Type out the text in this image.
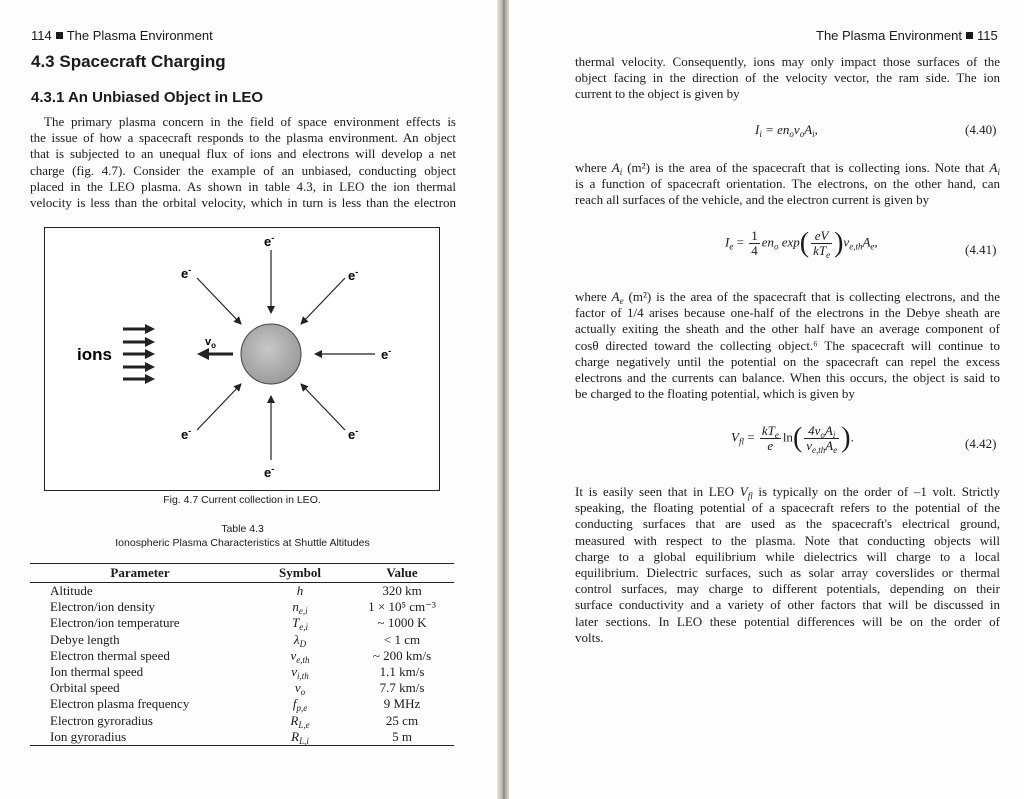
114 The Plasma Environment
4.3 Spacecraft Charging
4.3.1 An Unbiased Object in LEO
The primary plasma concern in the field of space environment effects is
the issue of how a spacecraft responds to the plasma environment. An object
that is subjected to an unequal flux of ions and electrons will develop a net
charge (fig. 4.7). Consider the example of an unbiased, conducting object
placed in the LEO plasma. As shown in table 4.3, in LEO the ion thermal
velocity is less than the orbital velocity, which in turn is less than the electron
ions
$v_o$
e-
e-	e-
e-
e-	e-
e-
Fig. 4.7 Current collection in LEO.
Table 4.3
Ionospheric Plasma Characteristics at Shuttle Altitudes
Parameter	Symbol	Value
Altitude	h	320 km
Electron/ion density	$n_{e,i}$	1 × 10⁵ cm⁻³
Electron/ion temperature	$T_{e,i}$	~ 1000 K
Debye length	$\lambda_D$	< 1 cm
Electron thermal speed	$v_{e,th}$	~ 200 km/s
Ion thermal speed	$v_{i,th}$	1.1 km/s
Orbital speed	$v_o$	7.7 km/s
Electron plasma frequency	$f_{p,e}$	9 MHz
Electron gyroradius	$R_{L,e}$	25 cm
Ion gyroradius	$R_{L,i}$	5 m
The Plasma Environment 115
thermal velocity. Consequently, ions may only impact those surfaces of the
object facing in the direction of the velocity vector, the ram side. The ion
current to the object is given by
$I_i = en_ov_oA_i$,	(4.40)
where $A_i$ (m²) is the area of the spacecraft that is collecting ions. Note that $A_i$
is a function of spacecraft orientation. The electrons, on the other hand, can
reach all surfaces of the vehicle, and the electron current is given by
$I_e = \frac{1}{4} en_o$ $\exp( \frac{eV}{kT_e} )v_{e,th}A_e$,
(4.41)
where $A_e$ (m²) is the area of the spacecraft that is collecting electrons, and the
factor of 1/4 arises because one-half of the electrons in the Debye sheath are
actually exiting the sheath and the other half have an average component of
cosθ directed toward the collecting object.⁶ The spacecraft will continue to
charge negatively until the potential on the spacecraft can repel the excess
electrons and the currents can balance. When this occurs, the object is said to
be charged to the floating potential, which is given by
$V_{fl} = \frac{kT_e}{e} \ln( \frac{4v_oA_i}{v_{e,th}A_e}$ ).	(4.42)
It is easily seen that in LEO $V_{fl}$ is typically on the order of –1 volt. Strictly
speaking, the floating potential of a spacecraft refers to the potential of the
conducting surfaces that are used as the spacecraft's electrical ground,
measured with respect to the plasma. Note that conducting objects will
charge to a global equilibrium while dielectrics will charge to a local
equilibrium. Dielectric surfaces, such as solar array coverslides or thermal
control surfaces, may charge to different potentials, depending on their
surface conductivity and a variety of other factors that will be discussed in
later sections. In LEO these potential differences will be on the order of
volts.
